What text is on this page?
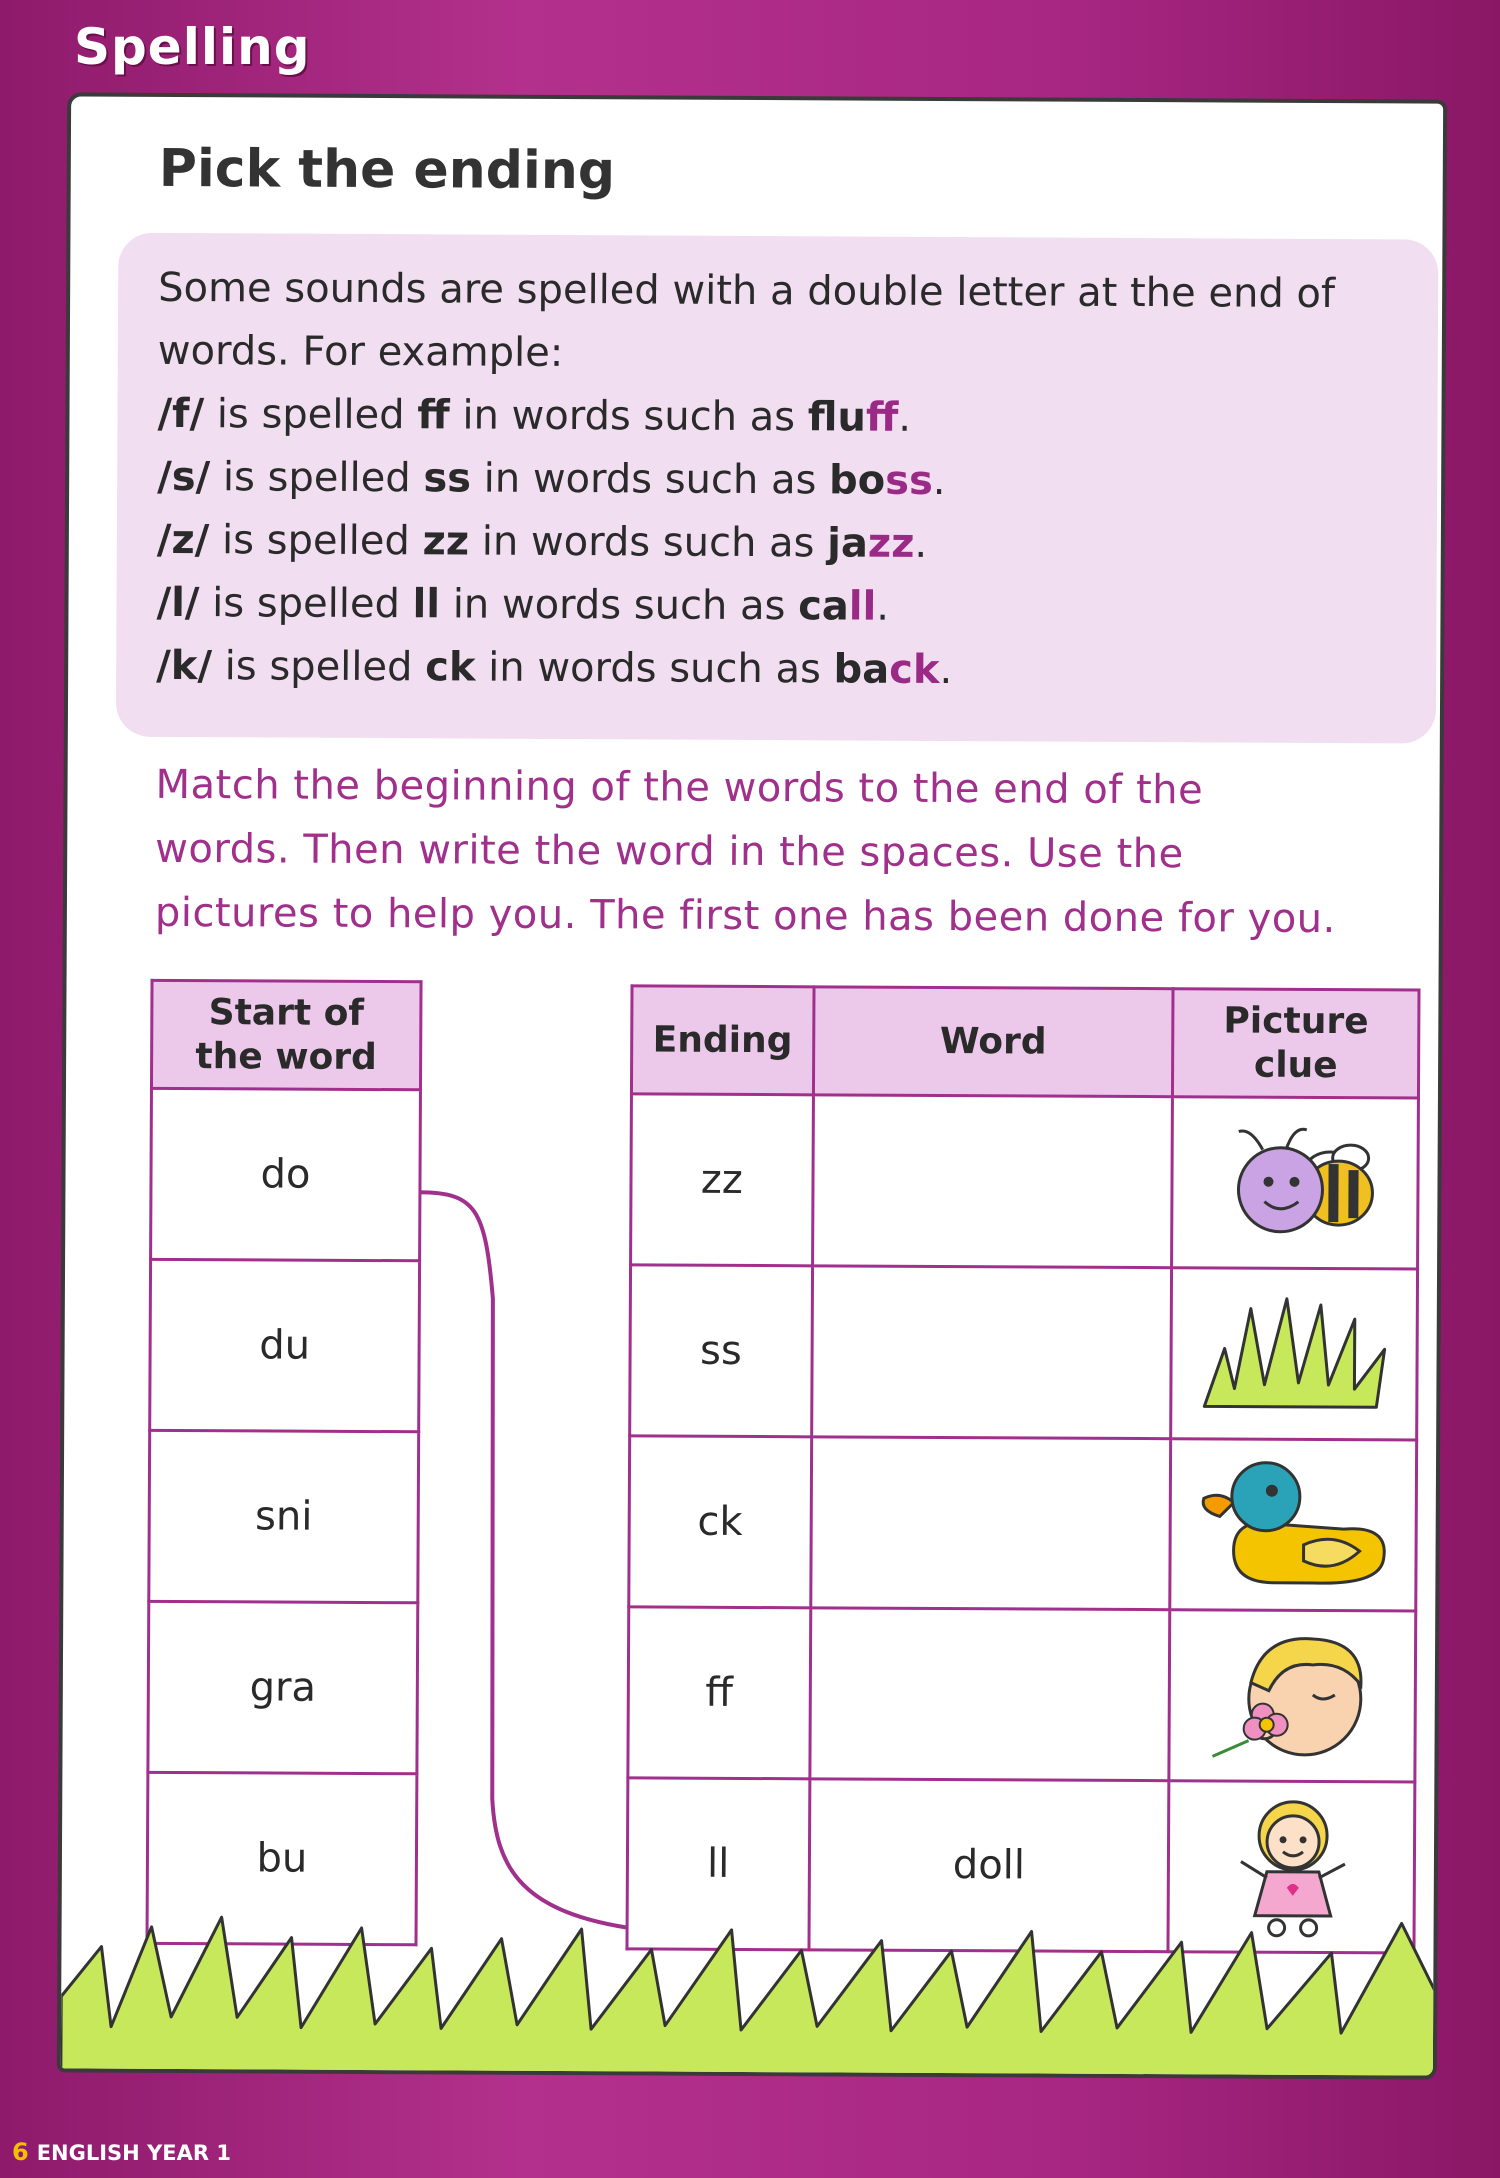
Spelling
Pick the ending
Some sounds are spelled with a double letter at the end of
words. For example:
/f/ is spelled ff in words such as fluff.
/s/ is spelled ss in words such as boss.
/z/ is spelled zz in words such as jazz.
/l/ is spelled ll in words such as call.
/k/ is spelled ck in words such as back.
Match the beginning of the words to the end of the
words. Then write the word in the spaces. Use the
pictures to help you. The first one has been done for you.
Start of
the word

do
du
sni
gra
bu
Ending	Word	Picture
clue

zz		

ss		

ck		

ff		

ll	doll	
6 ENGLISH YEAR 1
